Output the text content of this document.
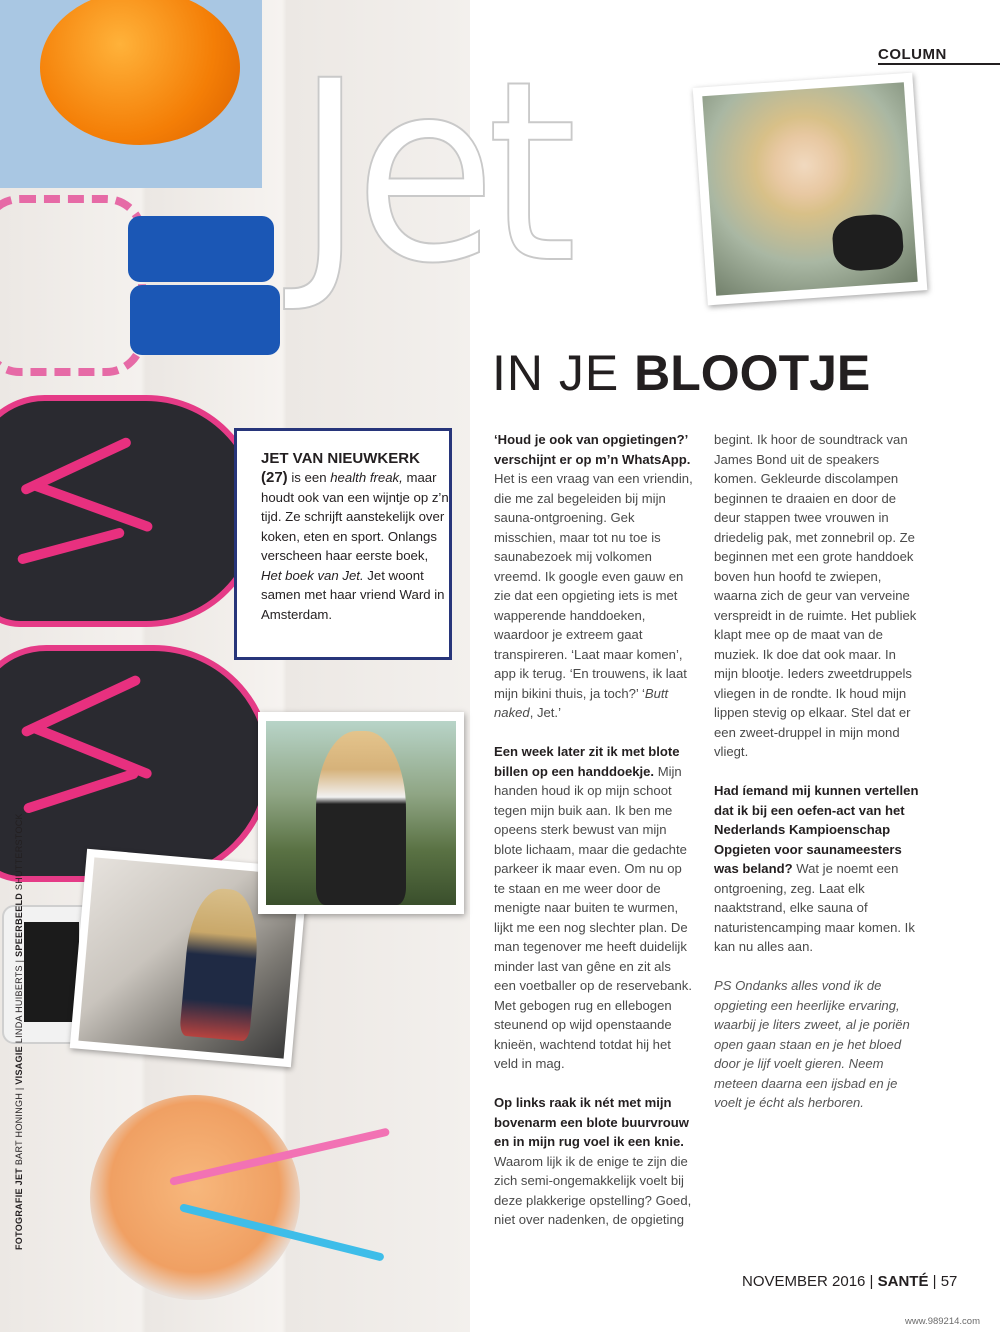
Jet	COLUMN
IN JE BLOOTJE
JET VAN NIEUWKERK (27) is een health freak, maar houdt ook van een wijntje op z’n tijd. Ze schrijft aanstekelijk over koken, eten en sport. Onlangs verscheen haar eerste boek, Het boek van Jet. Jet woont samen met haar vriend Ward in Amsterdam.

‘Houd je ook van opgietingen?’ verschijnt er op m’n WhatsApp. Het is een vraag van een vriendin, die me zal begeleiden bij mijn sauna-ontgroening. Gek misschien, maar tot nu toe is saunabezoek mij volkomen vreemd. Ik google even gauw en zie dat een opgieting iets is met wapperende handdoeken, waardoor je extreem gaat transpireren. ‘Laat maar komen’, app ik terug. ‘En trouwens, ik laat mijn bikini thuis, ja toch?’ ‘Butt naked, Jet.’

Een week later zit ik met blote billen op een handdoekje. Mijn handen houd ik op mijn schoot tegen mijn buik aan. Ik ben me opeens sterk bewust van mijn blote lichaam, maar die gedachte parkeer ik maar even. Om nu op te staan en me weer door de menigte naar buiten te wurmen, lijkt me een nog slechter plan. De man tegenover me heeft duidelijk minder last van gêne en zit als een voetballer op de reservebank. Met gebogen rug en ellebogen steunend op wijd openstaande knieën, wachtend totdat hij het veld in mag.

Op links raak ik nét met mijn bovenarm een blote buurvrouw en in mijn rug voel ik een knie. Waarom lijk ik de enige te zijn die zich semi-ongemakkelijk voelt bij deze plakkerige opstelling? Goed, niet over nadenken, de opgieting

begint. Ik hoor de soundtrack van James Bond uit de speakers komen. Gekleurde discolampen beginnen te draaien en door de deur stappen twee vrouwen in driedelig pak, met zonnebril op. Ze beginnen met een grote handdoek boven hun hoofd te zwiepen, waarna zich de geur van verveine verspreidt in de ruimte. Het publiek klapt mee op de maat van de muziek. Ik doe dat ook maar. In mijn blootje. Ieders zweetdruppels vliegen in de rondte. Ik houd mijn lippen stevig op elkaar. Stel dat er een zweet-druppel in mijn mond vliegt.

Had íemand mij kunnen vertellen dat ik bij een oefen-act van het Nederlands Kampioenschap Opgieten voor saunameesters was beland? Wat je noemt een ontgroening, zeg. Laat elk naaktstrand, elke sauna of naturistencamping maar komen. Ik kan nu alles aan.

PS Ondanks alles vond ik de opgieting een heerlijke ervaring, waarbij je liters zweet, al je poriën open gaan staan en je het bloed door je lijf voelt gieren. Neem meteen daarna een ijsbad en je voelt je écht als herboren.

NOVEMBER 2016 | SANTÉ | 57
FOTOGRAFIE JET BART HONINGH | VISAGIE LINDA HUIBERTS | SPEERBEELD SHUTTERSTOCK
www.989214.com
